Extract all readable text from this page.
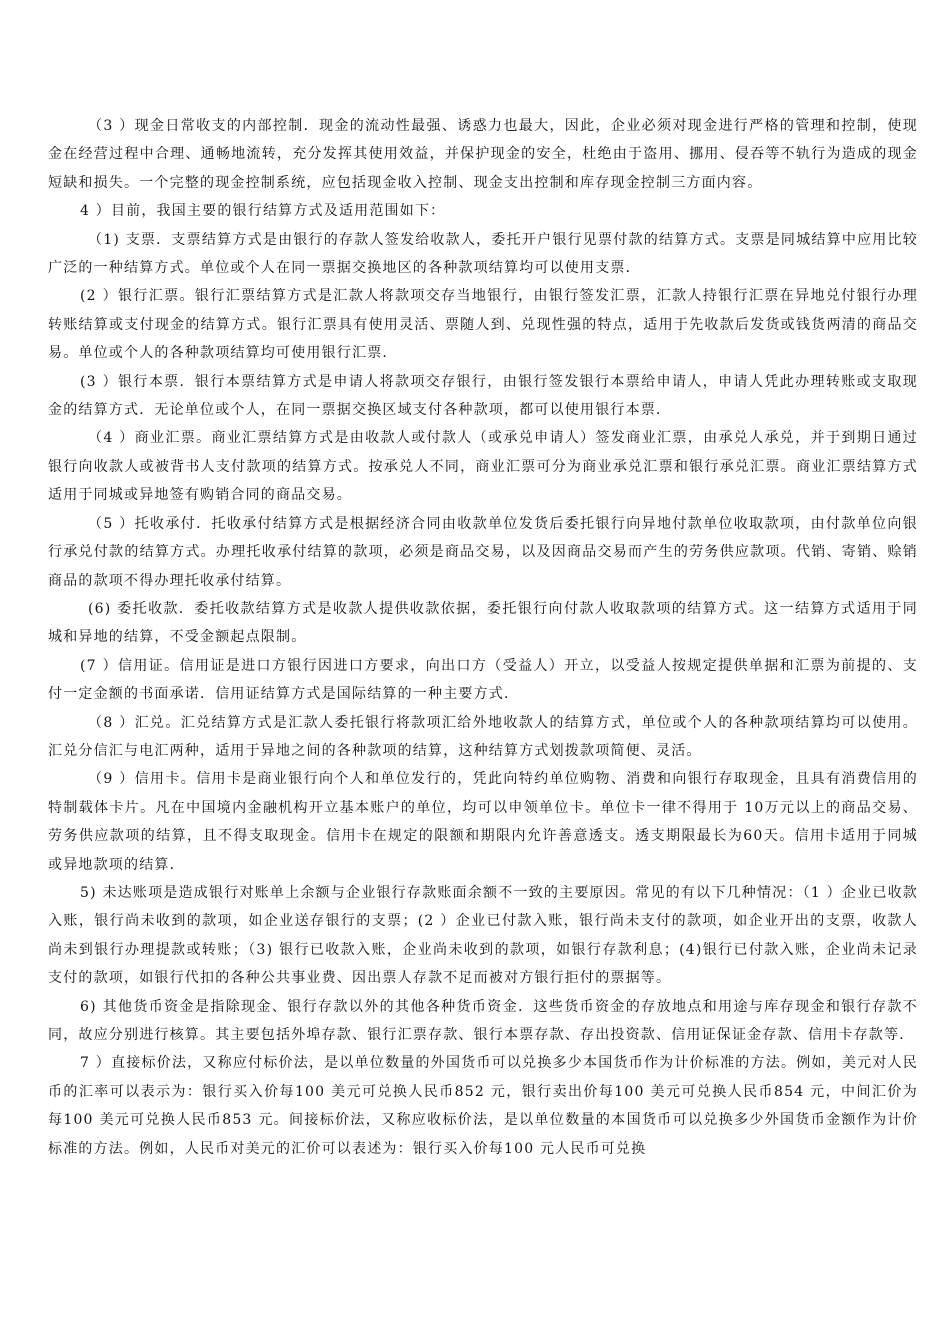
（3 ）现金日常收支的内部控制．现金的流动性最强、诱惑力也最大，因此，企业必须对现金进行严格的管理和控制，使现金在经营过程中合理、通畅地流转，充分发挥其使用效益，并保护现金的安全，杜绝由于盗用、挪用、侵吞等不轨行为造成的现金短缺和损失。一个完整的现金控制系统，应包括现金收入控制、现金支出控制和库存现金控制三方面内容。

4 ）目前，我国主要的银行结算方式及适用范围如下：

（1) 支票．支票结算方式是由银行的存款人签发给收款人，委托开户银行见票付款的结算方式。支票是同城结算中应用比较广泛的一种结算方式。单位或个人在同一票据交换地区的各种款项结算均可以使用支票．

(2 ）银行汇票。银行汇票结算方式是汇款人将款项交存当地银行，由银行签发汇票，汇款人持银行汇票在异地兑付银行办理转账结算或支付现金的结算方式。银行汇票具有使用灵活、票随人到、兑现性强的特点，适用于先收款后发货或钱货两清的商品交易。单位或个人的各种款项结算均可使用银行汇票．

(3 ）银行本票．银行本票结算方式是申请人将款项交存银行，由银行签发银行本票给申请人，申请人凭此办理转账或支取现金的结算方式．无论单位或个人，在同一票据交换区域支付各种款项，都可以使用银行本票．

（4 ）商业汇票。商业汇票结算方式是由收款人或付款人（或承兑申请人）签发商业汇票，由承兑人承兑，并于到期日通过银行向收款人或被背书人支付款项的结算方式。按承兑人不同，商业汇票可分为商业承兑汇票和银行承兑汇票。商业汇票结算方式适用于同城或异地签有购销合同的商品交易。

（5 ）托收承付．托收承付结算方式是根据经济合同由收款单位发货后委托银行向异地付款单位收取款项，由付款单位向银行承兑付款的结算方式。办理托收承付结算的款项，必须是商品交易，以及因商品交易而产生的劳务供应款项。代销、寄销、赊销商品的款项不得办理托收承付结算。

(6) 委托收款．委托收款结算方式是收款人提供收款依据，委托银行向付款人收取款项的结算方式。这一结算方式适用于同城和异地的结算，不受金额起点限制。

(7 ）信用证。信用证是进口方银行因进口方要求，向出口方（受益人）开立，以受益人按规定提供单据和汇票为前提的、支付一定金额的书面承诺．信用证结算方式是国际结算的一种主要方式．

（8 ）汇兑。汇兑结算方式是汇款人委托银行将款项汇给外地收款人的结算方式，单位或个人的各种款项结算均可以使用。汇兑分信汇与电汇两种，适用于异地之间的各种款项的结算，这种结算方式划拨款项简便、灵活。

（9 ）信用卡。信用卡是商业银行向个人和单位发行的，凭此向特约单位购物、消费和向银行存取现金，且具有消费信用的特制载体卡片。凡在中国境内金融机构开立基本账户的单位，均可以申领单位卡。单位卡一律不得用于 10万元以上的商品交易、劳务供应款项的结算，且不得支取现金。信用卡在规定的限额和期限内允许善意透支。透支期限最长为60天。信用卡适用于同城或异地款项的结算．

5) 未达账项是造成银行对账单上余额与企业银行存款账面余额不一致的主要原因。常见的有以下几种情况：（1 ）企业已收款入账，银行尚未收到的款项，如企业送存银行的支票；(2 ）企业已付款入账，银行尚未支付的款项，如企业开出的支票，收款人尚未到银行办理提款或转账；（3) 银行已收款入账，企业尚未收到的款项，如银行存款利息；(4)银行已付款入账，企业尚未记录支付的款项，如银行代扣的各种公共事业费、因出票人存款不足而被对方银行拒付的票据等。

6) 其他货币资金是指除现金、银行存款以外的其他各种货币资金．这些货币资金的存放地点和用途与库存现金和银行存款不同，故应分别进行核算。其主要包括外埠存款、银行汇票存款、银行本票存款、存出投资款、信用证保证金存款、信用卡存款等．

7 ）直接标价法，又称应付标价法，是以单位数量的外国货币可以兑换多少本国货币作为计价标准的方法。例如，美元对人民币的汇率可以表示为：银行买入价每100 美元可兑换人民币852 元，银行卖出价每100 美元可兑换人民币854 元，中间汇价为每100 美元可兑换人民币853 元。间接标价法，又称应收标价法，是以单位数量的本国货币可以兑换多少外国货币金额作为计价标准的方法。例如，人民币对美元的汇价可以表述为：银行买入价每100 元人民币可兑换
